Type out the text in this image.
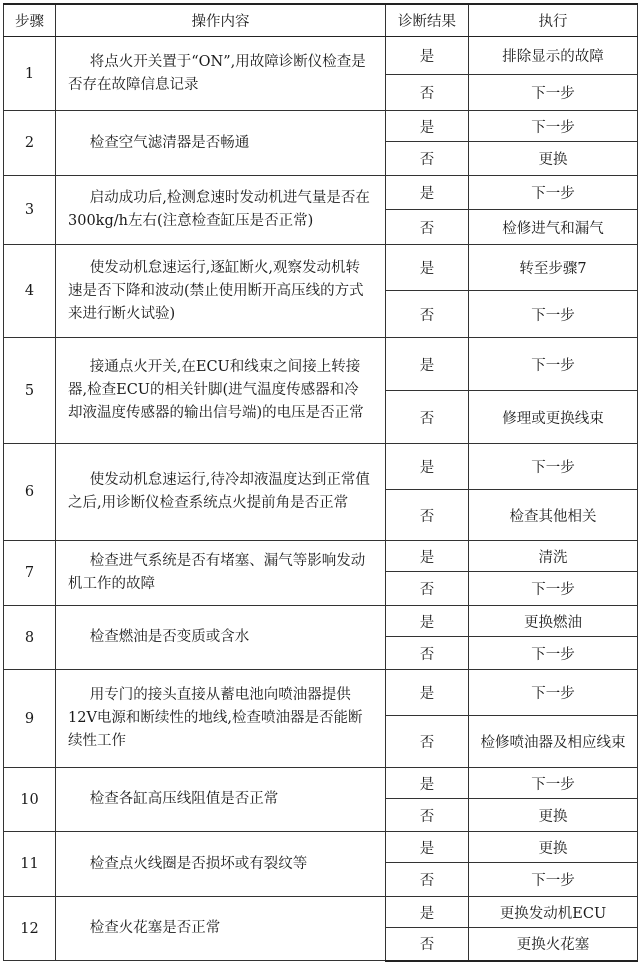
步骤	操作内容	诊断结果	执行
1	将点火开关置于“ON”,用故障诊断仪检查是否存在故障信息记录	是	排除显示的故障
		否	下一步
2	检查空气滤清器是否畅通	是	下一步
		否	更换
3	启动成功后,检测怠速时发动机进气量是否在300kg/h左右(注意检查缸压是否正常)	是	下一步
		否	检修进气和漏气
4	使发动机怠速运行,逐缸断火,观察发动机转速是否下降和波动(禁止使用断开高压线的方式来进行断火试验)	是	转至步骤7
		否	下一步
5	接通点火开关,在ECU和线束之间接上转接器,检查ECU的相关针脚(进气温度传感器和冷却液温度传感器的输出信号端)的电压是否正常	是	下一步
		否	修理或更换线束
6	使发动机怠速运行,待冷却液温度达到正常值之后,用诊断仪检查系统点火提前角是否正常	是	下一步
		否	检查其他相关
7	检查进气系统是否有堵塞、漏气等影响发动机工作的故障	是	清洗
		否	下一步
8	检查燃油是否变质或含水	是	更换燃油
		否	下一步
9	用专门的接头直接从蓄电池向喷油器提供12V电源和断续性的地线,检查喷油器是否能断续性工作	是	下一步
		否	检修喷油器及相应线束
10	检查各缸高压线阻值是否正常	是	下一步
		否	更换
11	检查点火线圈是否损坏或有裂纹等	是	更换
		否	下一步
12	检查火花塞是否正常	是	更换发动机ECU
		否	更换火花塞
